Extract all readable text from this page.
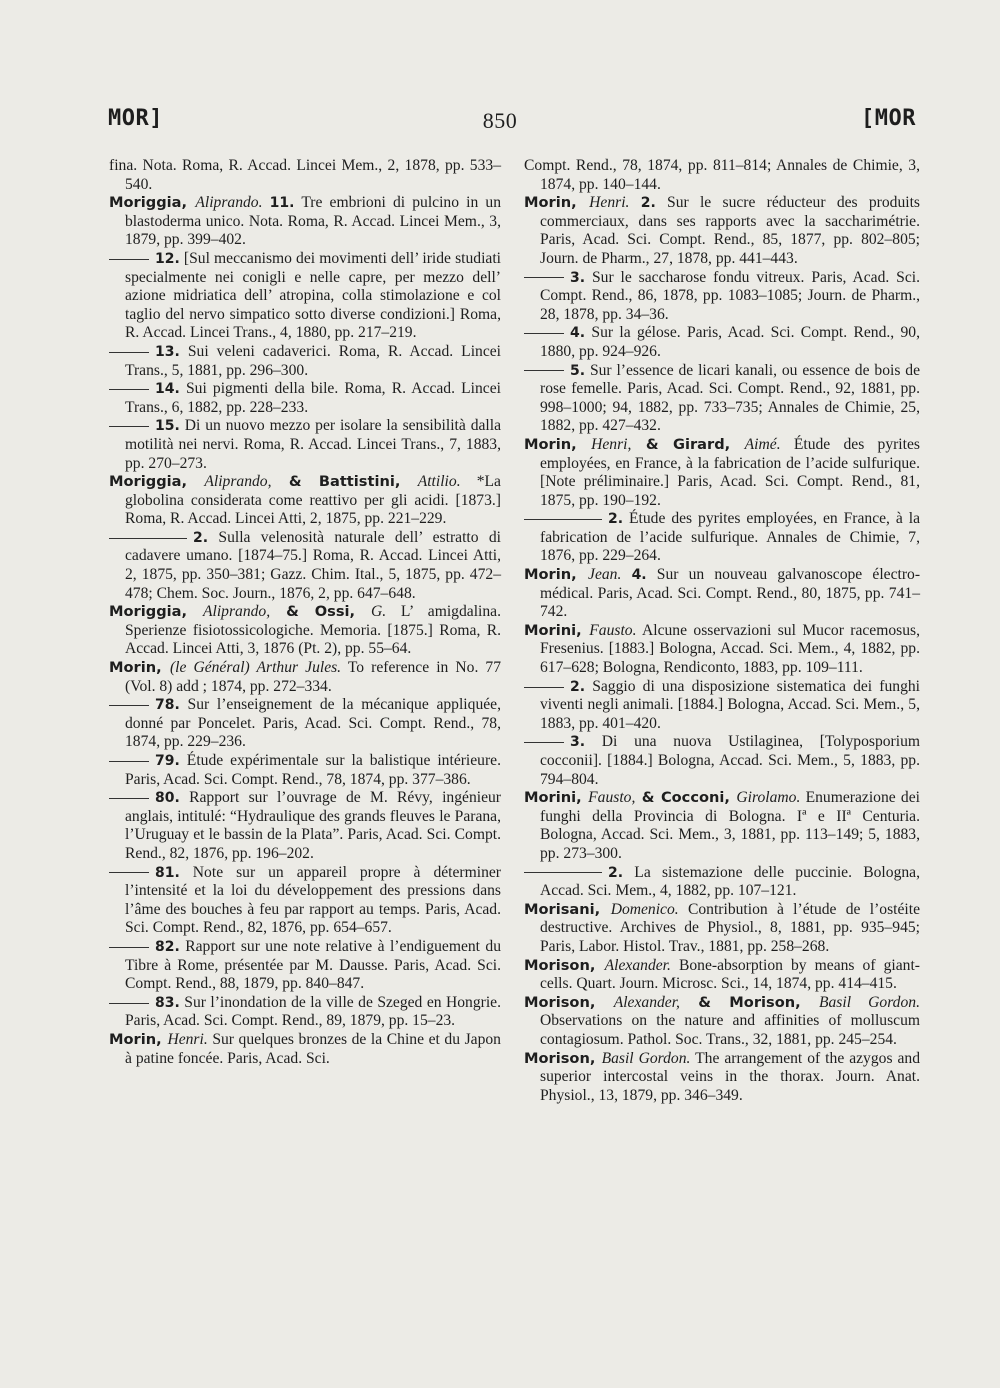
MOR]	850	[MOR

fina. Nota. Roma, R. Accad. Lincei Mem., 2, 1878, pp. 533–540.

Moriggia, Aliprando. 11. Tre embrioni di pulcino in un blastoderma unico. Nota. Roma, R. Accad. Lincei Mem., 3, 1879, pp. 399–402.

12. [Sul meccanismo dei movimenti dell’ iride studiati specialmente nei conigli e nelle capre, per mezzo dell’ azione midriatica dell’ atropina, colla stimolazione e col taglio del nervo simpatico sotto diverse condizioni.] Roma, R. Accad. Lincei Trans., 4, 1880, pp. 217–219.

13. Sui veleni cadaverici. Roma, R. Accad. Lincei Trans., 5, 1881, pp. 296–300.

14. Sui pigmenti della bile. Roma, R. Accad. Lincei Trans., 6, 1882, pp. 228–233.

15. Di un nuovo mezzo per isolare la sensibilità dalla motilità nei nervi. Roma, R. Accad. Lincei Trans., 7, 1883, pp. 270–273.

Moriggia, Aliprando, & Battistini, Attilio. *La globolina considerata come reattivo per gli acidi. [1873.] Roma, R. Accad. Lincei Atti, 2, 1875, pp. 221–229.

2. Sulla velenosità naturale dell’ estratto di cadavere umano. [1874–75.] Roma, R. Accad. Lincei Atti, 2, 1875, pp. 350–381; Gazz. Chim. Ital., 5, 1875, pp. 472–478; Chem. Soc. Journ., 1876, 2, pp. 647–648.

Moriggia, Aliprando, & Ossi, G. L’ amigdalina. Sperienze fisiotossicologiche. Memoria. [1875.] Roma, R. Accad. Lincei Atti, 3, 1876 (Pt. 2), pp. 55–64.

Morin, (le Général) Arthur Jules. To reference in No. 77 (Vol. 8) add ; 1874, pp. 272–334.

78. Sur l’enseignement de la mécanique appliquée, donné par Poncelet. Paris, Acad. Sci. Compt. Rend., 78, 1874, pp. 229–236.

79. Étude expérimentale sur la balistique intérieure. Paris, Acad. Sci. Compt. Rend., 78, 1874, pp. 377–386.

80. Rapport sur l’ouvrage de M. Révy, ingénieur anglais, intitulé: “Hydraulique des grands fleuves le Parana, l’Uruguay et le bassin de la Plata”. Paris, Acad. Sci. Compt. Rend., 82, 1876, pp. 196–202.

81. Note sur un appareil propre à déterminer l’intensité et la loi du développement des pressions dans l’âme des bouches à feu par rapport au temps. Paris, Acad. Sci. Compt. Rend., 82, 1876, pp. 654–657.

82. Rapport sur une note relative à l’endiguement du Tibre à Rome, présentée par M. Dausse. Paris, Acad. Sci. Compt. Rend., 88, 1879, pp. 840–847.

83. Sur l’inondation de la ville de Szeged en Hongrie. Paris, Acad. Sci. Compt. Rend., 89, 1879, pp. 15–23.

Morin, Henri. Sur quelques bronzes de la Chine et du Japon à patine foncée. Paris, Acad. Sci.

Compt. Rend., 78, 1874, pp. 811–814; Annales de Chimie, 3, 1874, pp. 140–144.

Morin, Henri. 2. Sur le sucre réducteur des produits commerciaux, dans ses rapports avec la saccharimétrie. Paris, Acad. Sci. Compt. Rend., 85, 1877, pp. 802–805; Journ. de Pharm., 27, 1878, pp. 441–443.

3. Sur le saccharose fondu vitreux. Paris, Acad. Sci. Compt. Rend., 86, 1878, pp. 1083–1085; Journ. de Pharm., 28, 1878, pp. 34–36.

4. Sur la gélose. Paris, Acad. Sci. Compt. Rend., 90, 1880, pp. 924–926.

5. Sur l’essence de licari kanali, ou essence de bois de rose femelle. Paris, Acad. Sci. Compt. Rend., 92, 1881, pp. 998–1000; 94, 1882, pp. 733–735; Annales de Chimie, 25, 1882, pp. 427–432.

Morin, Henri, & Girard, Aimé. Étude des pyrites employées, en France, à la fabrication de l’acide sulfurique. [Note préliminaire.] Paris, Acad. Sci. Compt. Rend., 81, 1875, pp. 190–192.

2. Étude des pyrites employées, en France, à la fabrication de l’acide sulfurique. Annales de Chimie, 7, 1876, pp. 229–264.

Morin, Jean. 4. Sur un nouveau galvanoscope électro-médical. Paris, Acad. Sci. Compt. Rend., 80, 1875, pp. 741–742.

Morini, Fausto. Alcune osservazioni sul Mucor racemosus, Fresenius. [1883.] Bologna, Accad. Sci. Mem., 4, 1882, pp. 617–628; Bologna, Rendiconto, 1883, pp. 109–111.

2. Saggio di una disposizione sistematica dei funghi viventi negli animali. [1884.] Bologna, Accad. Sci. Mem., 5, 1883, pp. 401–420.

3. Di una nuova Ustilaginea, [Tolyposporium cocconii]. [1884.] Bologna, Accad. Sci. Mem., 5, 1883, pp. 794–804.

Morini, Fausto, & Cocconi, Girolamo. Enumerazione dei funghi della Provincia di Bologna. Iª e IIª Centuria. Bologna, Accad. Sci. Mem., 3, 1881, pp. 113–149; 5, 1883, pp. 273–300.

2. La sistemazione delle puccinie. Bologna, Accad. Sci. Mem., 4, 1882, pp. 107–121.

Morisani, Domenico. Contribution à l’étude de l’ostéite destructive. Archives de Physiol., 8, 1881, pp. 935–945; Paris, Labor. Histol. Trav., 1881, pp. 258–268.

Morison, Alexander. Bone-absorption by means of giant-cells. Quart. Journ. Microsc. Sci., 14, 1874, pp. 414–415.

Morison, Alexander, & Morison, Basil Gordon. Observations on the nature and affinities of molluscum contagiosum. Pathol. Soc. Trans., 32, 1881, pp. 245–254.

Morison, Basil Gordon. The arrangement of the azygos and superior intercostal veins in the thorax. Journ. Anat. Physiol., 13, 1879, pp. 346–349.
